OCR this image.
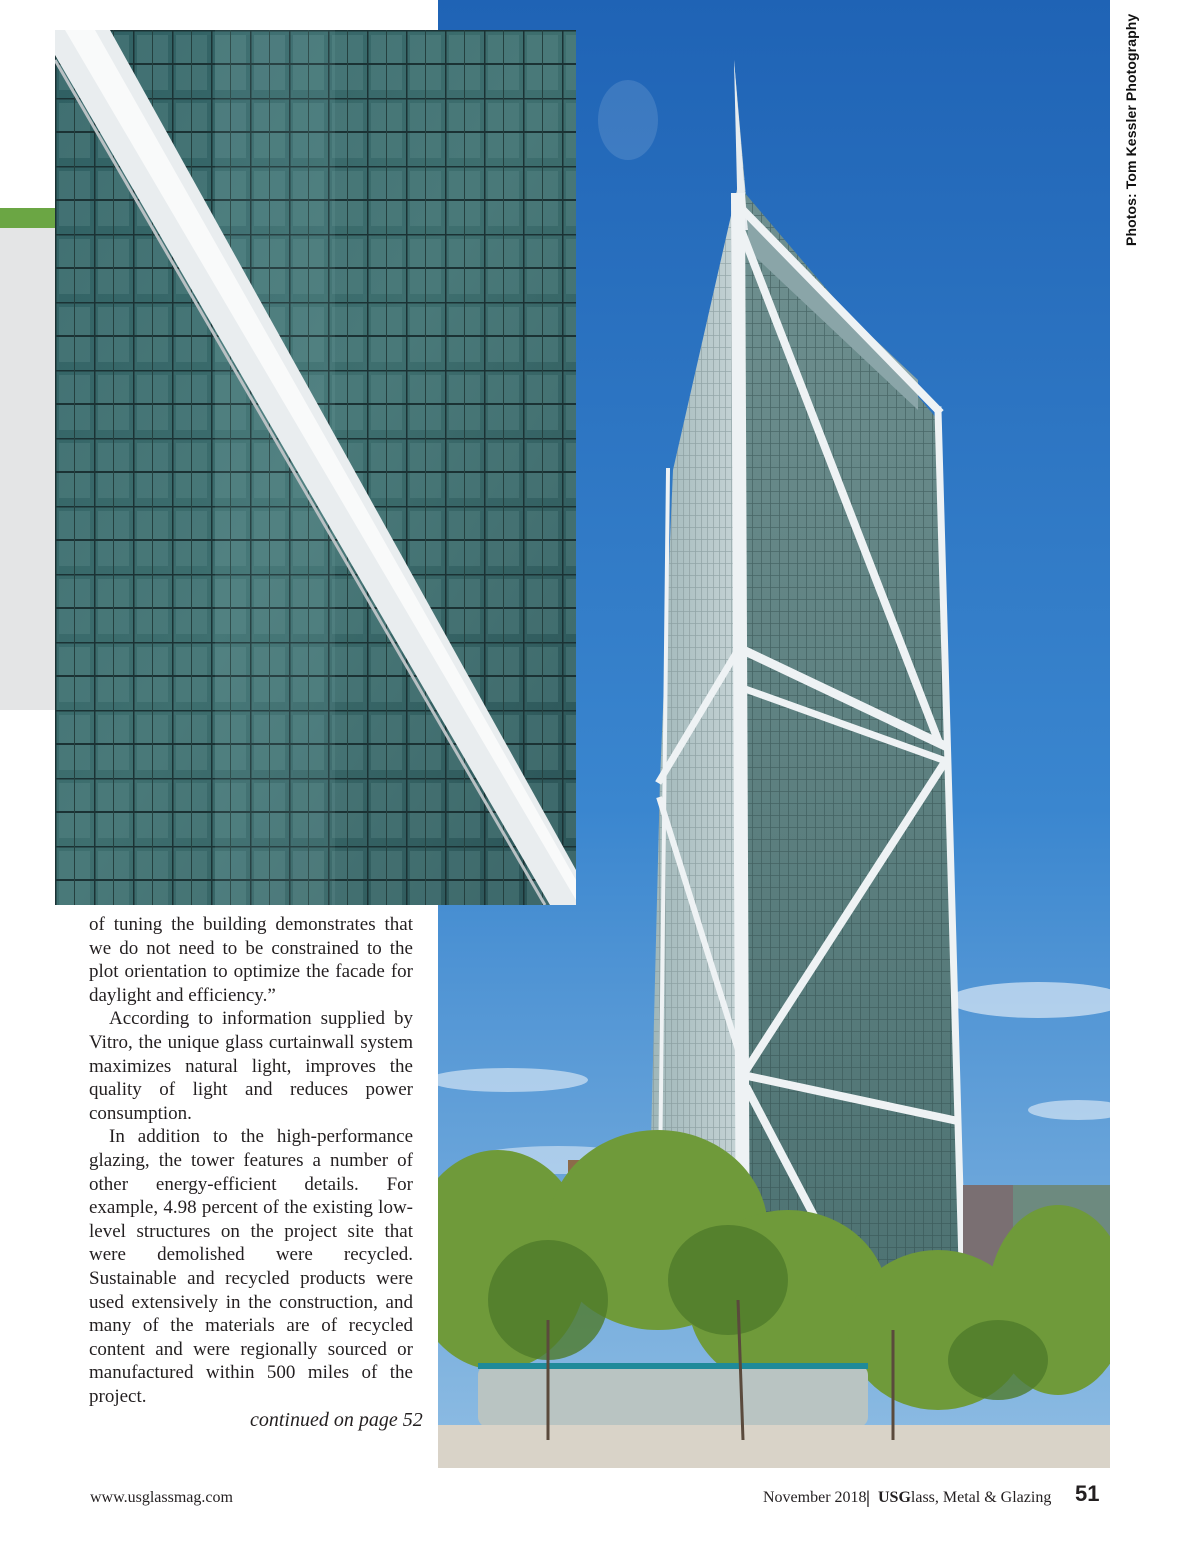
Photos: Tom Kessler Photography

of tuning the building demonstrates that we do not need to be constrained to the plot orientation to optimize the facade for daylight and efficiency.”

According to information supplied by Vitro, the unique glass curtainwall system maximizes natural light, improves the quality of light and reduces power consumption.

In addition to the high-performance glazing, the tower features a number of other energy-efficient details. For example, 4.98 percent of the existing low-level structures on the project site that were demolished were recycled. Sustainable and recycled products were used extensively in the construction, and many of the materials are of recycled content and were regionally sourced or manufactured within 500 miles of the project.

continued on page 52
www.usglassmag.com	November 2018 | USGlass, Metal & Glazing 51
